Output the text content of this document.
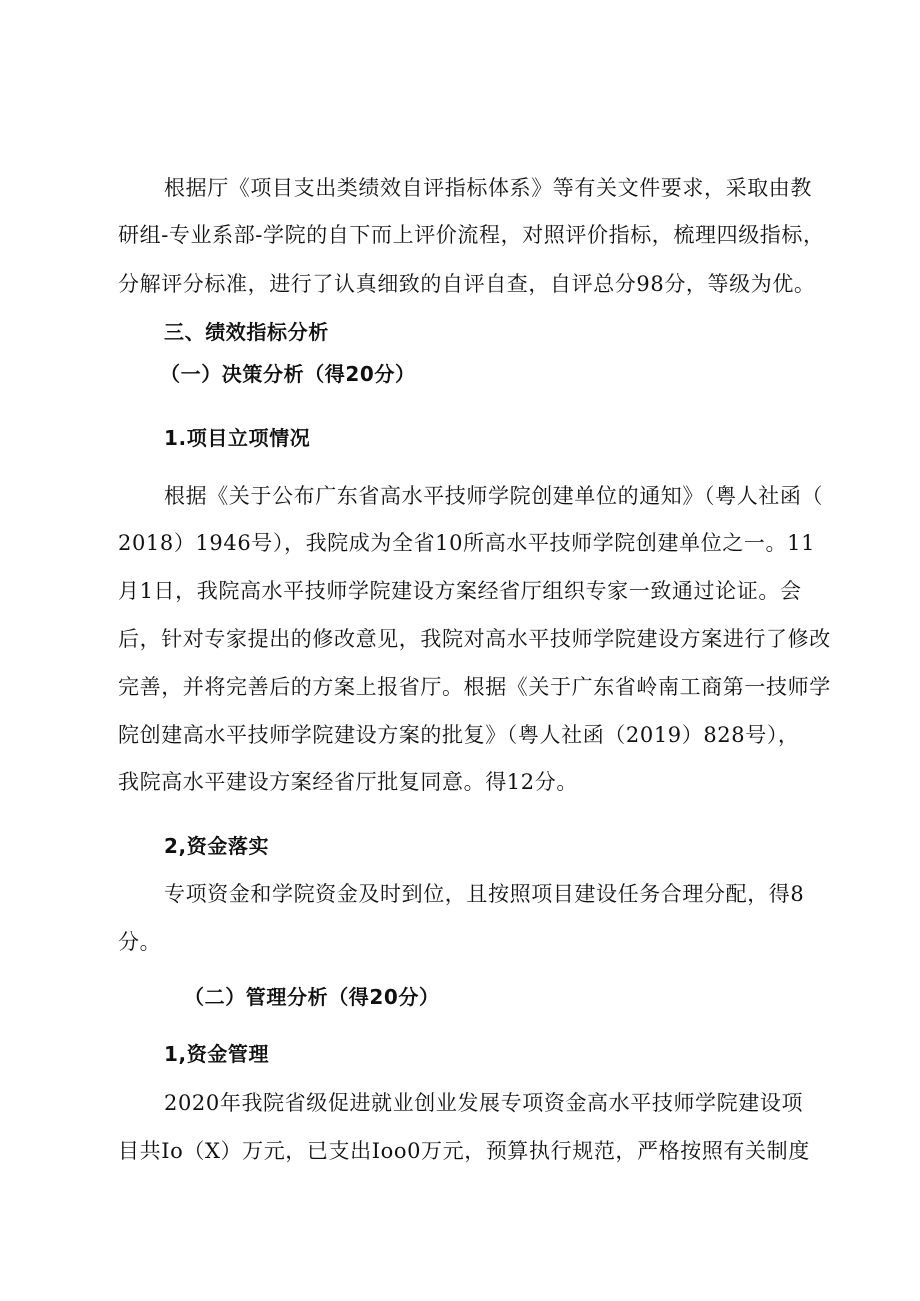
根据厅《项目支出类绩效自评指标体系》等有关文件要求，采取由教
研组-专业系部-学院的自下而上评价流程，对照评价指标，梳理四级指标，
分解评分标准，进行了认真细致的自评自查，自评总分98分，等级为优。
三、绩效指标分析
（一）决策分析（得20分）
1.项目立项情况
根据《关于公布广东省高水平技师学院创建单位的通知》（粤人社函（
2018）1946号），我院成为全省10所高水平技师学院创建单位之一。11
月1日，我院高水平技师学院建设方案经省厅组织专家一致通过论证。会
后，针对专家提出的修改意见，我院对高水平技师学院建设方案进行了修改
完善，并将完善后的方案上报省厅。根据《关于广东省岭南工商第一技师学
院创建高水平技师学院建设方案的批复》（粤人社函（2019）828号），
我院高水平建设方案经省厅批复同意。得12分。
2,资金落实
专项资金和学院资金及时到位，且按照项目建设任务合理分配，得8
分。
（二）管理分析（得20分）
1,资金管理
2020年我院省级促进就业创业发展专项资金高水平技师学院建设项
目共Io（X）万元，已支出Ioo0万元，预算执行规范，严格按照有关制度
